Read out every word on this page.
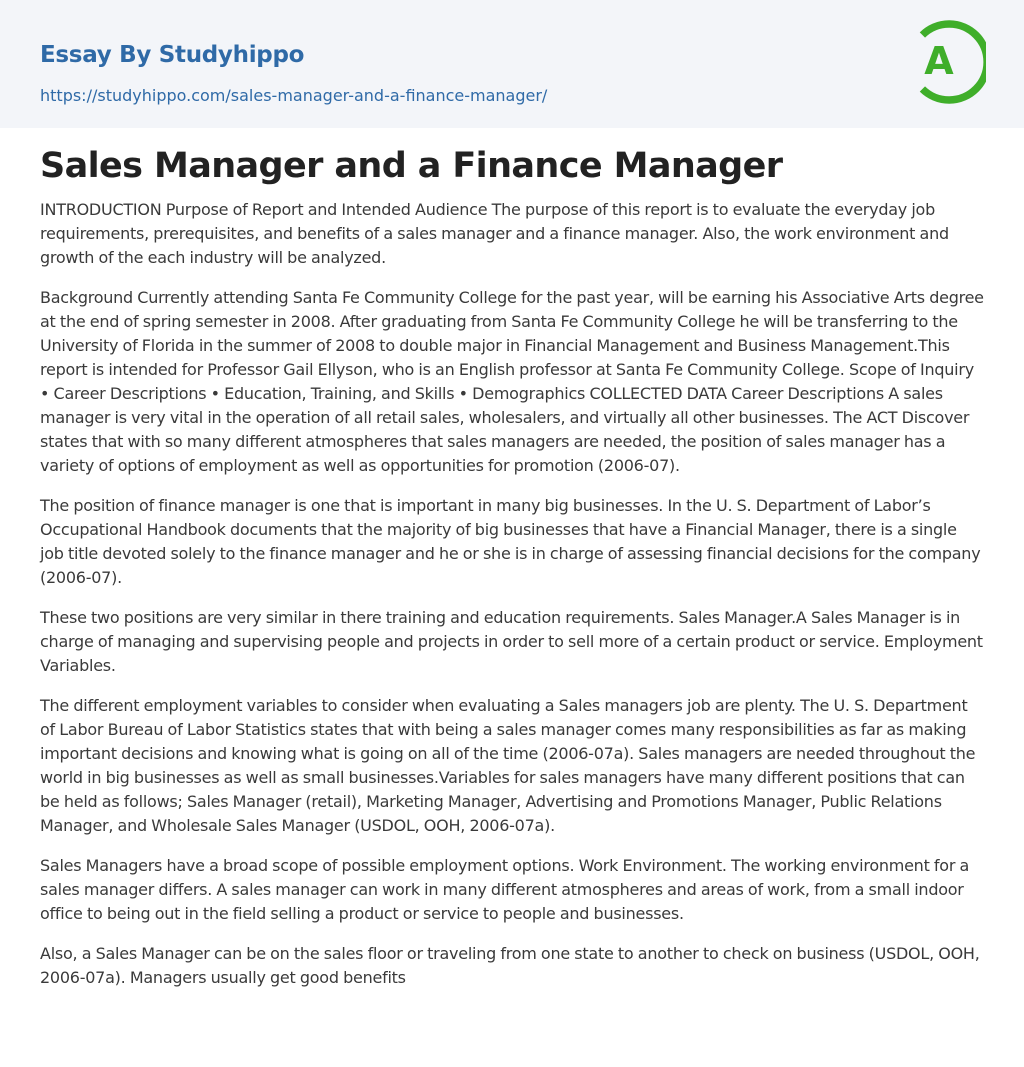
Essay By Studyhippo
https://studyhippo.com/sales-manager-and-a-finance-manager/
A
Sales Manager and a Finance Manager

INTRODUCTION Purpose of Report and Intended Audience The purpose of this report is to evaluate the everyday job requirements, prerequisites, and benefits of a sales manager and a finance manager. Also, the work environment and growth of the each industry will be analyzed.

Background Currently attending Santa Fe Community College for the past year, will be earning his Associative Arts degree at the end of spring semester in 2008. After graduating from Santa Fe Community College he will be transferring to the University of Florida in the summer of 2008 to double major in Financial Management and Business Management.This report is intended for Professor Gail Ellyson, who is an English professor at Santa Fe Community College. Scope of Inquiry • Career Descriptions • Education, Training, and Skills • Demographics COLLECTED DATA Career Descriptions A sales manager is very vital in the operation of all retail sales, wholesalers, and virtually all other businesses. The ACT Discover states that with so many different atmospheres that sales managers are needed, the position of sales manager has a variety of options of employment as well as opportunities for promotion (2006-07).

The position of finance manager is one that is important in many big businesses. In the U. S. Department of Labor’s Occupational Handbook documents that the majority of big businesses that have a Financial Manager, there is a single job title devoted solely to the finance manager and he or she is in charge of assessing financial decisions for the company (2006-07).

These two positions are very similar in there training and education requirements. Sales Manager.A Sales Manager is in charge of managing and supervising people and projects in order to sell more of a certain product or service. Employment Variables.

The different employment variables to consider when evaluating a Sales managers job are plenty. The U. S. Department of Labor Bureau of Labor Statistics states that with being a sales manager comes many responsibilities as far as making important decisions and knowing what is going on all of the time (2006-07a). Sales managers are needed throughout the world in big businesses as well as small businesses.Variables for sales managers have many different positions that can be held as follows; Sales Manager (retail), Marketing Manager, Advertising and Promotions Manager, Public Relations Manager, and Wholesale Sales Manager (USDOL, OOH, 2006-07a).

Sales Managers have a broad scope of possible employment options. Work Environment. The working environment for a sales manager differs. A sales manager can work in many different atmospheres and areas of work, from a small indoor office to being out in the field selling a product or service to people and businesses.

Also, a Sales Manager can be on the sales floor or traveling from one state to another to check on business (USDOL, OOH, 2006-07a). Managers usually get good benefits
